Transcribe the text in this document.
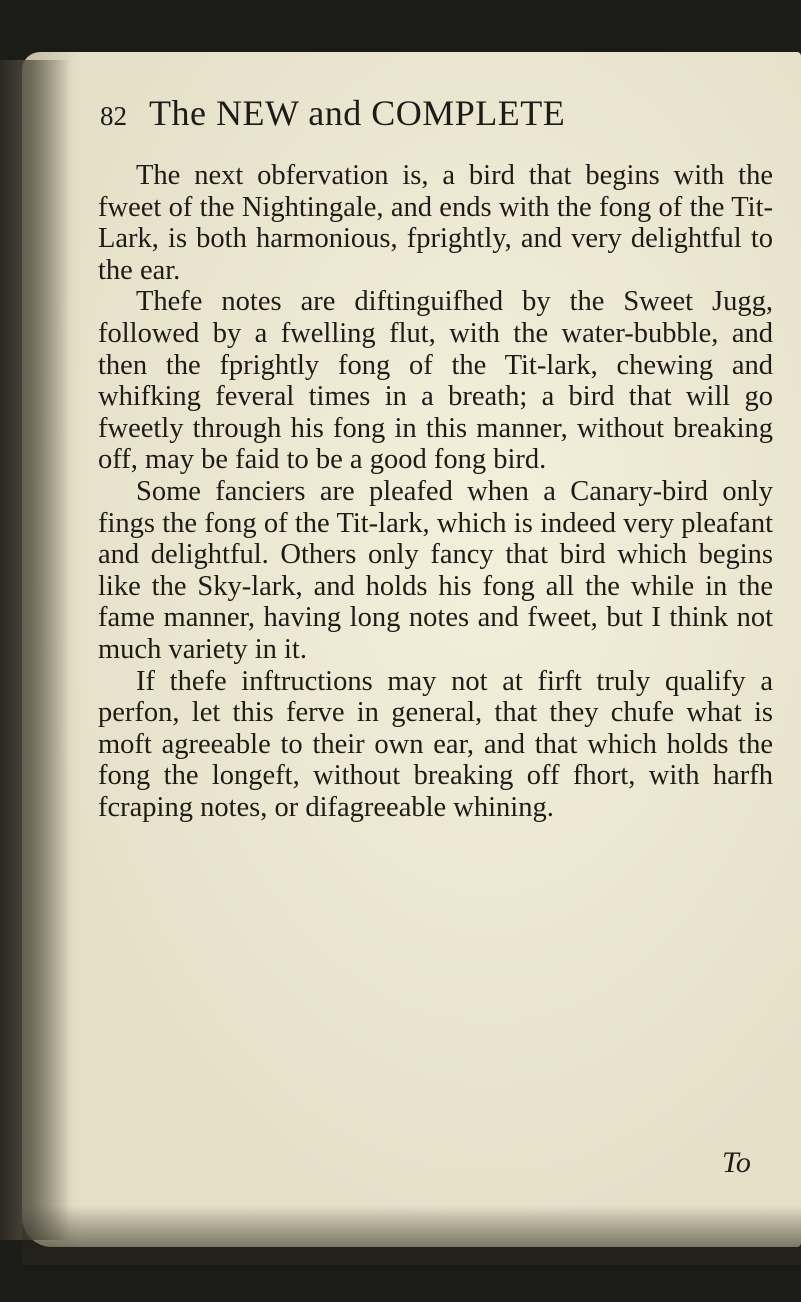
82 The NEW and COMPLETE

The next obfervation is, a bird that begins with the fweet of the Nightingale, and ends with the fong of the Tit-Lark, is both harmonious, fprightly, and very delightful to the ear.

Thefe notes are diftinguifhed by the Sweet Jugg, followed by a fwelling flut, with the water-bubble, and then the fprightly fong of the Tit-lark, chewing and whifking feveral times in a breath; a bird that will go fweetly through his fong in this manner, without breaking off, may be faid to be a good fong bird.

Some fanciers are pleafed when a Canary-bird only fings the fong of the Tit-lark, which is indeed very pleafant and delightful. Others only fancy that bird which begins like the Sky-lark, and holds his fong all the while in the fame manner, having long notes and fweet, but I think not much variety in it.

If thefe inftructions may not at firft truly qualify a perfon, let this ferve in general, that they chufe what is moft agreeable to their own ear, and that which holds the fong the longeft, without breaking off fhort, with harfh fcraping notes, or difagreeable whining.

To
